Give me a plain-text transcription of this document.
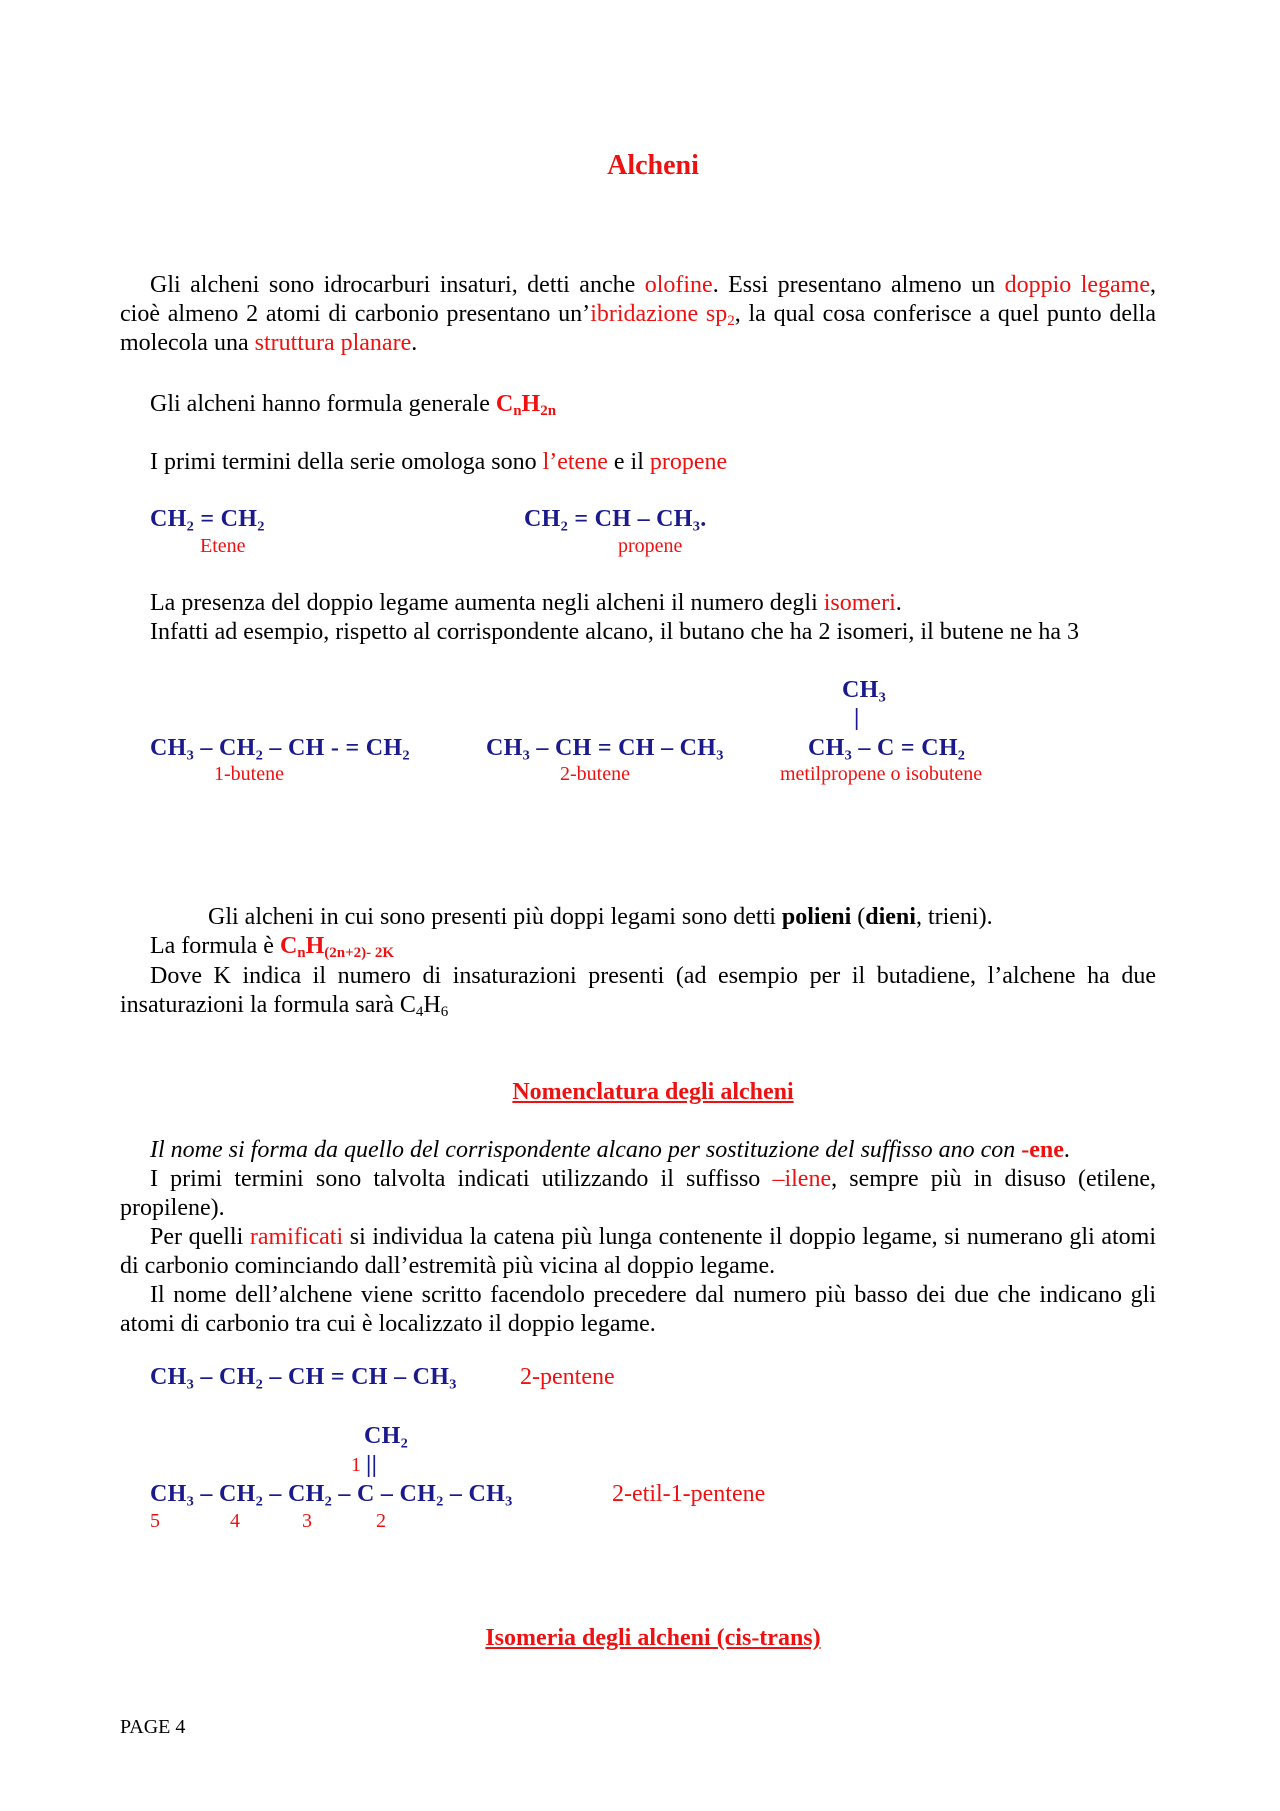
Alcheni

Gli alcheni sono idrocarburi insaturi, detti anche olofine. Essi presentano almeno un doppio legame, cioè almeno 2 atomi di carbonio presentano un’ibridazione $sp_2$, la qual cosa conferisce a quel punto della molecola una struttura planare.

Gli alcheni hanno formula generale $C_nH_{2n}$
I primi termini della serie omologa sono l’etene e il propene
CH₂ = CH₂
Etene
CH₂ = CH – CH₃.
propene
La presenza del doppio legame aumenta negli alcheni il numero degli isomeri.
Infatti ad esempio, rispetto al corrispondente alcano, il butano che ha 2 isomeri, il butene ne ha 3
CH₃
|
CH₃ – CH₂ – CH - = CH₂
1-butene
CH₃ – CH = CH – CH₃
2-butene
CH₃ – C = CH₂
metilpropene o isobutene
Gli alcheni in cui sono presenti più doppi legami sono detti polieni (dieni, trieni).
La formula è $C_nH_{(2n+2)- 2K}$

Dove K indica il numero di insaturazioni presenti (ad esempio per il butadiene, l’alchene ha due insaturazioni la formula sarà $C_4H_6$

Nomenclatura degli alcheni

Il nome si forma da quello del corrispondente alcano per sostituzione del suffisso ano con -ene.

I primi termini sono talvolta indicati utilizzando il suffisso –ilene, sempre più in disuso (etilene, propilene).

Per quelli ramificati si individua la catena più lunga contenente il doppio legame, si numerano gli atomi di carbonio cominciando dall’estremità più vicina al doppio legame.

Il nome dell’alchene viene scritto facendolo precedere dal numero più basso dei due che indicano gli atomi di carbonio tra cui è localizzato il doppio legame.

CH₃ – CH₂ – CH = CH – CH₃	2-pentene
CH₂
1 ||
CH₃ – CH₂ – CH₂ – C – CH₂ – CH₃	2-etil-1-pentene
5	4	3	2
Isomeria degli alcheni (cis-trans)
PAGE 4
